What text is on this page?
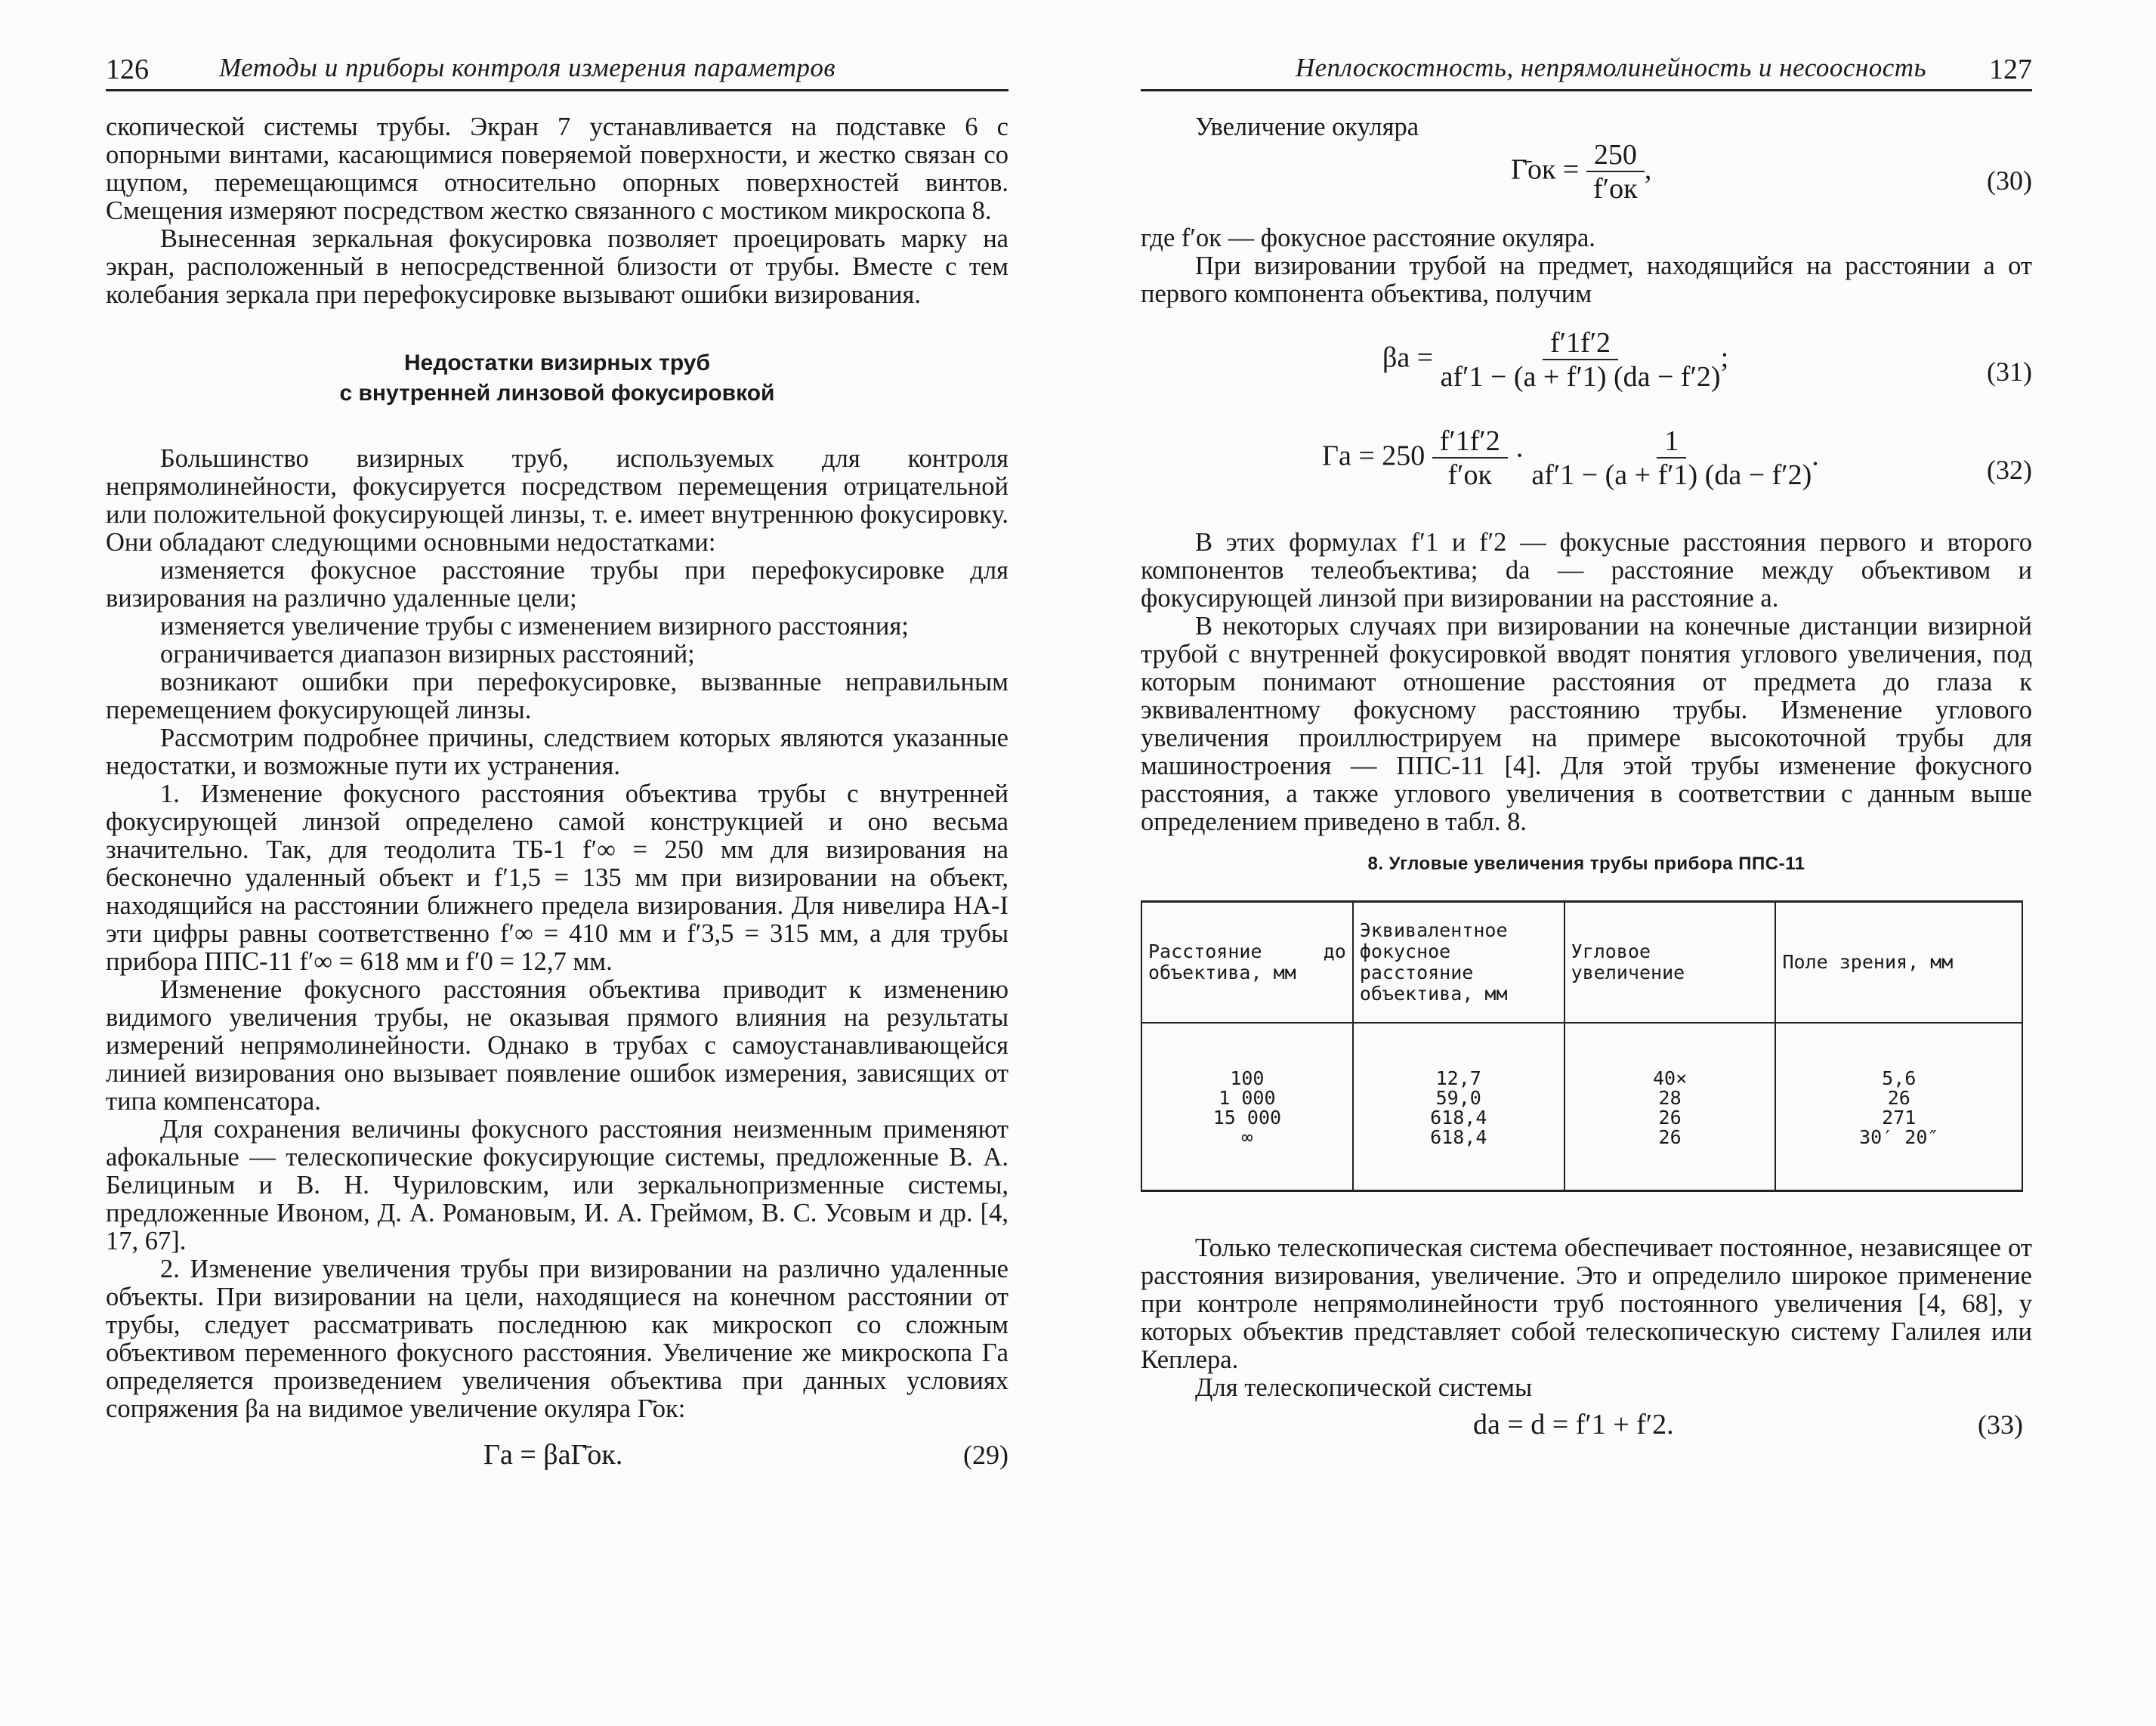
126	Методы и приборы контроля измерения параметров

скопической системы трубы. Экран 7 устанавливается на подставке 6 с опорными винтами, касающимися поверяемой поверхности, и жестко связан со щупом, перемещающимся относительно опорных поверхностей винтов. Смещения измеряют посредством жестко связанного с мостиком микроскопа 8.

Вынесенная зеркальная фокусировка позволяет проецировать марку на экран, расположенный в непосредственной близости от трубы. Вместе с тем колебания зеркала при перефокусировке вызывают ошибки визирования.

Недостатки визирных труб
с внутренней линзовой фокусировкой

Большинство визирных труб, используемых для контроля непрямолинейности, фокусируется посредством перемещения отрицательной или положительной фокусирующей линзы, т. е. имеет внутреннюю фокусировку. Они обладают следующими основными недостатками:

изменяется фокусное расстояние трубы при перефокусировке для визирования на различно удаленные цели;

изменяется увеличение трубы с изменением визирного расстояния;

ограничивается диапазон визирных расстояний;

возникают ошибки при перефокусировке, вызванные неправильным перемещением фокусирующей линзы.

Рассмотрим подробнее причины, следствием которых являются указанные недостатки, и возможные пути их устранения.

1. Изменение фокусного расстояния объектива трубы с внутренней фокусирующей линзой определено самой конструкцией и оно весьма значительно. Так, для теодолита ТБ-1 f′∞ = 250 мм для визирования на бесконечно удаленный объект и f′1,5 = 135 мм при визировании на объект, находящийся на расстоянии ближнего предела визирования. Для нивелира НА-I эти цифры равны соответственно f′∞ = 410 мм и f′3,5 = 315 мм, а для трубы прибора ППС-11 f′∞ = 618 мм и f′0 = 12,7 мм.

Изменение фокусного расстояния объектива приводит к изменению видимого увеличения трубы, не оказывая прямого влияния на результаты измерений непрямолинейности. Однако в трубах с самоустанавливающейся линией визирования оно вызывает появление ошибок измерения, зависящих от типа компенсатора.

Для сохранения величины фокусного расстояния неизменным применяют афокальные — телескопические фокусирующие системы, предложенные В. А. Белициным и В. Н. Чуриловским, или зеркальнопризменные системы, предложенные Ивоном, Д. А. Романовым, И. А. Греймом, В. С. Усовым и др. [4, 17, 67].

2. Изменение увеличения трубы при визировании на различно удаленные объекты. При визировании на цели, находящиеся на конечном расстоянии от трубы, следует рассматривать последнюю как микроскоп со сложным объективом переменного фокусного расстояния. Увеличение же микроскопа Гa определяется произведением увеличения объектива при данных условиях сопряжения βa на видимое увеличение окуляра Γ̄ок:

Γa = βaΓ̄ок.	(29)
Неплоскостность, непрямолинейность и несоосность 127

Увеличение окуляра

Γ̄ок = $\frac{250}{f'ок}$ ,	(30)

где f′ок — фокусное расстояние окуляра.

При визировании трубой на предмет, находящийся на расстоянии a от первого компонента объектива, получим

$\beta a = \frac{f'1f'2}{af'1 - (a + f'1) (da - f'2)}$ ;	(31)
$\Gamma a = 250 \frac{f'1f'2}{f'ок} \cdot \frac{1}{af'1 - (a + f'1) (da - f'2)}$ .	(32)

В этих формулах f′1 и f′2 — фокусные расстояния первого и второго компонентов телеобъектива; da — расстояние между объективом и фокусирующей линзой при визировании на расстояние a.

В некоторых случаях при визировании на конечные дистанции визирной трубой с внутренней фокусировкой вводят понятия углового увеличения, под которым понимают отношение расстояния от предмета до глаза к эквивалентному фокусному расстоянию трубы. Изменение углового увеличения проиллюстрируем на примере высокоточной трубы для машиностроения — ППС-11 [4]. Для этой трубы изменение фокусного расстояния, а также углового увеличения в соответствии с данным выше определением приведено в табл. 8.

8. Угловые увеличения трубы прибора ППС-11
Расстояние до объектива, мм	Эквивалентное фокусное расстояние объектива, мм	Угловое увеличение	Поле зрения, мм

100	12,7	40×	5,6
1 000	59,0	28	26
15 000	618,4	26	271
∞	618,4	26	30′ 20″

Только телескопическая система обеспечивает постоянное, независящее от расстояния визирования, увеличение. Это и определило широкое применение при контроле непрямолинейности труб постоянного увеличения [4, 68], у которых объектив представляет собой телескопическую систему Галилея или Кеплера.

Для телескопической системы

da = d = f′1 + f′2.	(33)
